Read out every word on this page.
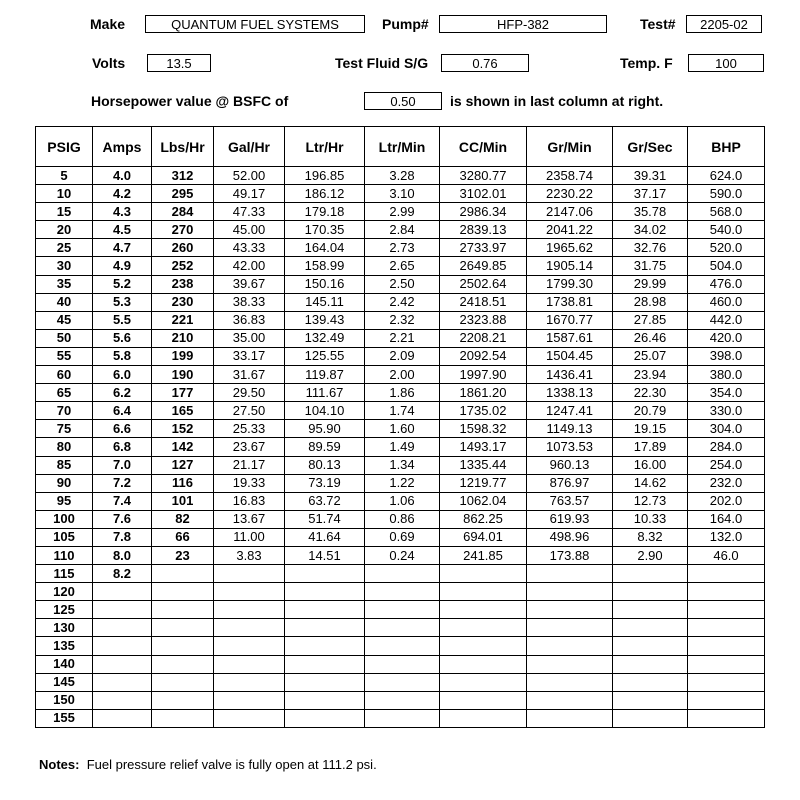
Make	QUANTUM FUEL SYSTEMS	Pump#	HFP-382	Test#	2205-02
Volts	13.5	Test Fluid S/G	0.76	Temp. F	100
Horsepower value @ BSFC of	0.50	is shown in last column at right.
PSIG	Amps	Lbs/Hr	Gal/Hr	Ltr/Hr	Ltr/Min	CC/Min	Gr/Min	Gr/Sec	BHP
5	4.0	312	52.00	196.85	3.28	3280.77	2358.74	39.31	624.0
10	4.2	295	49.17	186.12	3.10	3102.01	2230.22	37.17	590.0
15	4.3	284	47.33	179.18	2.99	2986.34	2147.06	35.78	568.0
20	4.5	270	45.00	170.35	2.84	2839.13	2041.22	34.02	540.0
25	4.7	260	43.33	164.04	2.73	2733.97	1965.62	32.76	520.0
30	4.9	252	42.00	158.99	2.65	2649.85	1905.14	31.75	504.0
35	5.2	238	39.67	150.16	2.50	2502.64	1799.30	29.99	476.0
40	5.3	230	38.33	145.11	2.42	2418.51	1738.81	28.98	460.0
45	5.5	221	36.83	139.43	2.32	2323.88	1670.77	27.85	442.0
50	5.6	210	35.00	132.49	2.21	2208.21	1587.61	26.46	420.0
55	5.8	199	33.17	125.55	2.09	2092.54	1504.45	25.07	398.0
60	6.0	190	31.67	119.87	2.00	1997.90	1436.41	23.94	380.0
65	6.2	177	29.50	111.67	1.86	1861.20	1338.13	22.30	354.0
70	6.4	165	27.50	104.10	1.74	1735.02	1247.41	20.79	330.0
75	6.6	152	25.33	95.90	1.60	1598.32	1149.13	19.15	304.0
80	6.8	142	23.67	89.59	1.49	1493.17	1073.53	17.89	284.0
85	7.0	127	21.17	80.13	1.34	1335.44	960.13	16.00	254.0
90	7.2	116	19.33	73.19	1.22	1219.77	876.97	14.62	232.0
95	7.4	101	16.83	63.72	1.06	1062.04	763.57	12.73	202.0
100	7.6	82	13.67	51.74	0.86	862.25	619.93	10.33	164.0
105	7.8	66	11.00	41.64	0.69	694.01	498.96	8.32	132.0
110	8.0	23	3.83	14.51	0.24	241.85	173.88	2.90	46.0
115	8.2								
120									
125									
130									
135									
140									
145									
150									
155									
Notes: Fuel pressure relief valve is fully open at 111.2 psi.
